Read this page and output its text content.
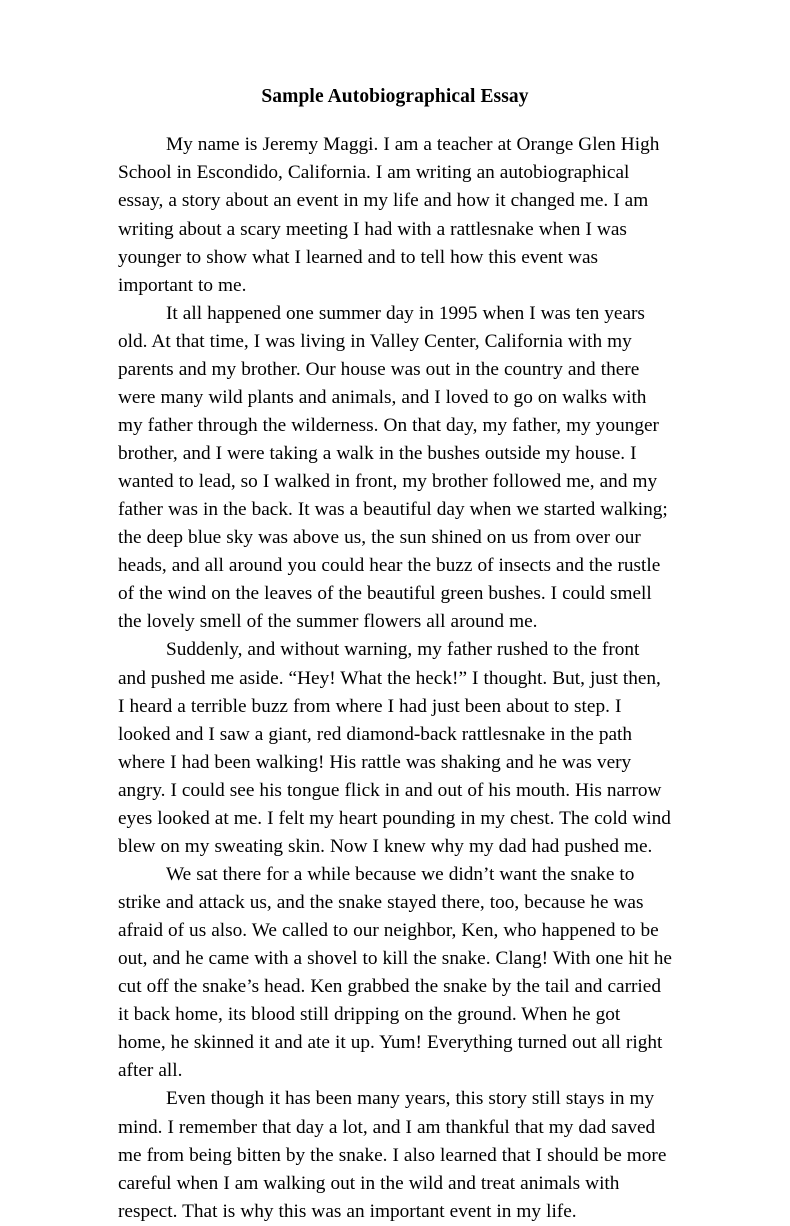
Sample Autobiographical Essay

My name is Jeremy Maggi. I am a teacher at Orange Glen High School in Escondido, California. I am writing an autobiographical essay, a story about an event in my life and how it changed me. I am writing about a scary meeting I had with a rattlesnake when I was younger to show what I learned and to tell how this event was important to me.

It all happened one summer day in 1995 when I was ten years old. At that time, I was living in Valley Center, California with my parents and my brother. Our house was out in the country and there were many wild plants and animals, and I loved to go on walks with my father through the wilderness. On that day, my father, my younger brother, and I were taking a walk in the bushes outside my house. I wanted to lead, so I walked in front, my brother followed me, and my father was in the back. It was a beautiful day when we started walking; the deep blue sky was above us, the sun shined on us from over our heads, and all around you could hear the buzz of insects and the rustle of the wind on the leaves of the beautiful green bushes. I could smell the lovely smell of the summer flowers all around me.

Suddenly, and without warning, my father rushed to the front and pushed me aside. “Hey! What the heck!” I thought. But, just then, I heard a terrible buzz from where I had just been about to step. I looked and I saw a giant, red diamond-back rattlesnake in the path where I had been walking! His rattle was shaking and he was very angry. I could see his tongue flick in and out of his mouth. His narrow eyes looked at me. I felt my heart pounding in my chest. The cold wind blew on my sweating skin. Now I knew why my dad had pushed me.

We sat there for a while because we didn’t want the snake to strike and attack us, and the snake stayed there, too, because he was afraid of us also. We called to our neighbor, Ken, who happened to be out, and he came with a shovel to kill the snake. Clang! With one hit he cut off the snake’s head. Ken grabbed the snake by the tail and carried it back home, its blood still dripping on the ground. When he got home, he skinned it and ate it up. Yum! Everything turned out all right after all.

Even though it has been many years, this story still stays in my mind. I remember that day a lot, and I am thankful that my dad saved me from being bitten by the snake. I also learned that I should be more careful when I am walking out in the wild and treat animals with respect. That is why this was an important event in my life.
